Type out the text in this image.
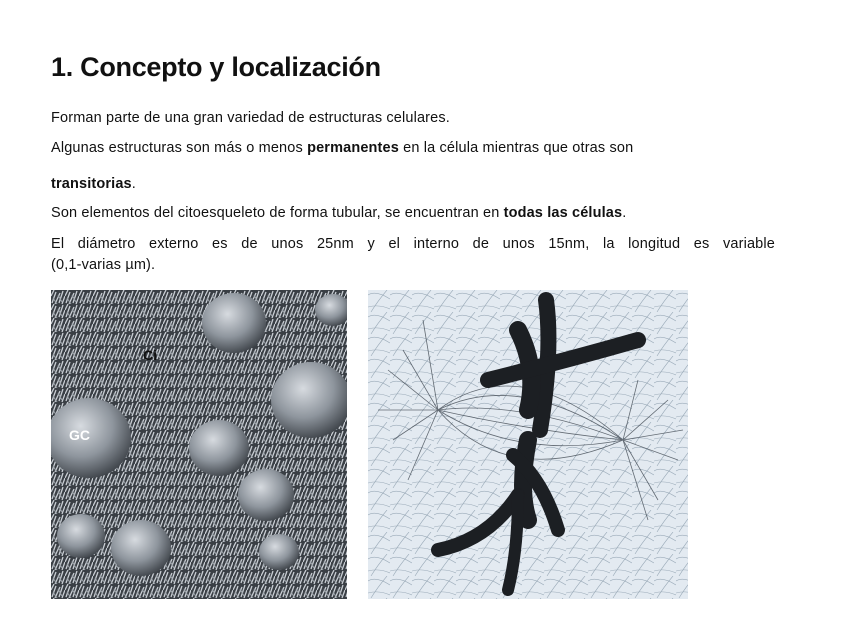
1. Concepto y localización
Forman parte de una gran variedad de estructuras celulares.
Algunas estructuras son más o menos permanentes en la célula mientras que otras son
transitorias.
Son elementos del citoesqueleto de forma tubular, se encuentran en todas las células.
El diámetro externo es de unos 25nm y el interno de unos 15nm, la longitud es variable
(0,1-varias µm).
Ci
GC
